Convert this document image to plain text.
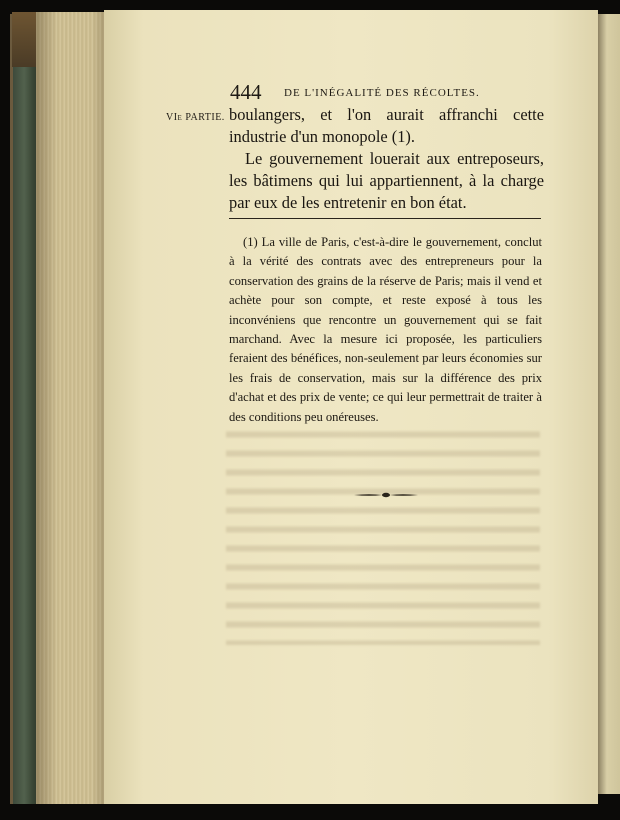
444 DE L'INÉGALITÉ DES RÉCOLTES.
VIe PARTIE. boulangers, et l'on aurait affranchi cette industrie d'un monopole (1).

Le gouvernement louerait aux entreposeurs, les bâtimens qui lui appartiennent, à la charge par eux de les entretenir en bon état.

(1) La ville de Paris, c'est-à-dire le gouvernement, conclut à la vérité des contrats avec des entrepreneurs pour la conservation des grains de la réserve de Paris; mais il vend et achète pour son compte, et reste exposé à tous les inconvéniens que rencontre un gouvernement qui se fait marchand. Avec la mesure ici proposée, les particuliers feraient des bénéfices, non-seulement par leurs économies sur les frais de conservation, mais sur la différence des prix d'achat et des prix de vente; ce qui leur permettrait de traiter à des conditions peu onéreuses.
